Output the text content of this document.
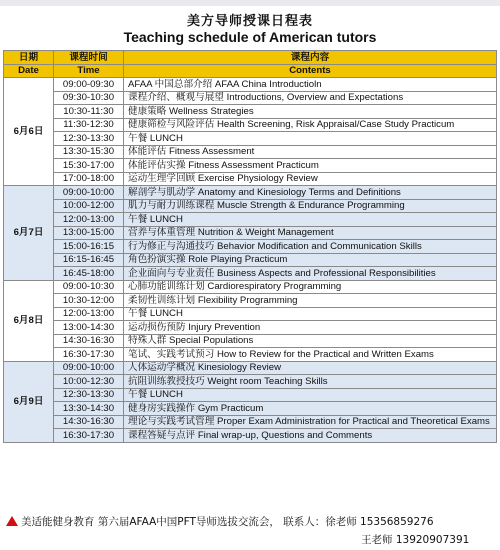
美方导师授课日程表
Teaching schedule of American tutors
日期	课程时间	课程内容
Date	Time	Contents
6月6日	09:00-09:30	AFAA 中国总部介绍 AFAA China Introductioln
	09:30-10:30	课程介绍、概观与展望 Introductions, Overview and Expectations
	10:30-11:30	健康策略 Wellness Strategies
	11:30-12:30	健康筛检与风险评估 Health Screening, Risk Appraisal/Case Study Practicum
	12:30-13:30	午餐 LUNCH
	13:30-15:30	体能评估 Fitness Assessment
	15:30-17:00	体能评估实操 Fitness Assessment Practicum
	17:00-18:00	运动生理学回顾 Exercise Physiology Review
6月7日	09:00-10:00	解剖学与肌动学 Anatomy and Kinesiology Terms and Definitions
	10:00-12:00	肌力与耐力训练课程 Muscle Strength & Endurance Programming
	12:00-13:00	午餐 LUNCH
	13:00-15:00	营养与体重管理 Nutrition & Weight Management
	15:00-16:15	行为修正与沟通技巧 Behavior Modification and Communication Skills
	16:15-16:45	角色扮演实操 Role Playing Practicum
	16:45-18:00	企业面向与专业责任 Business Aspects and Professional Responsibilities
6月8日	09:00-10:30	心肺功能训练计划 Cardiorespiratory Programming
	10:30-12:00	柔韧性训练计划 Flexibility Programming
	12:00-13:00	午餐 LUNCH
	13:00-14:30	运动损伤预防 Injury Prevention
	14:30-16:30	特殊人群 Special Populations
	16:30-17:30	笔试、实践考试预习 How to Review for the Practical and Written Exams
6月9日	09:00-10:00	人体运动学概况 Kinesiology Review
	10:00-12:30	抗阻训练教授技巧 Weight room Teaching Skills
	12:30-13:30	午餐 LUNCH
	13:30-14:30	健身房实践操作 Gym Practicum
	14:30-16:30	理论与实践考试管理 Proper Exam Administration for Practical and Theoretical Exams
	16:30-17:30	课程答疑与点评 Final wrap-up, Questions and Comments
美适能健身教育 第六届AFAA中国PFT导师选拔交流会， 联系人：徐老师 15356859276
王老师 13920907391
